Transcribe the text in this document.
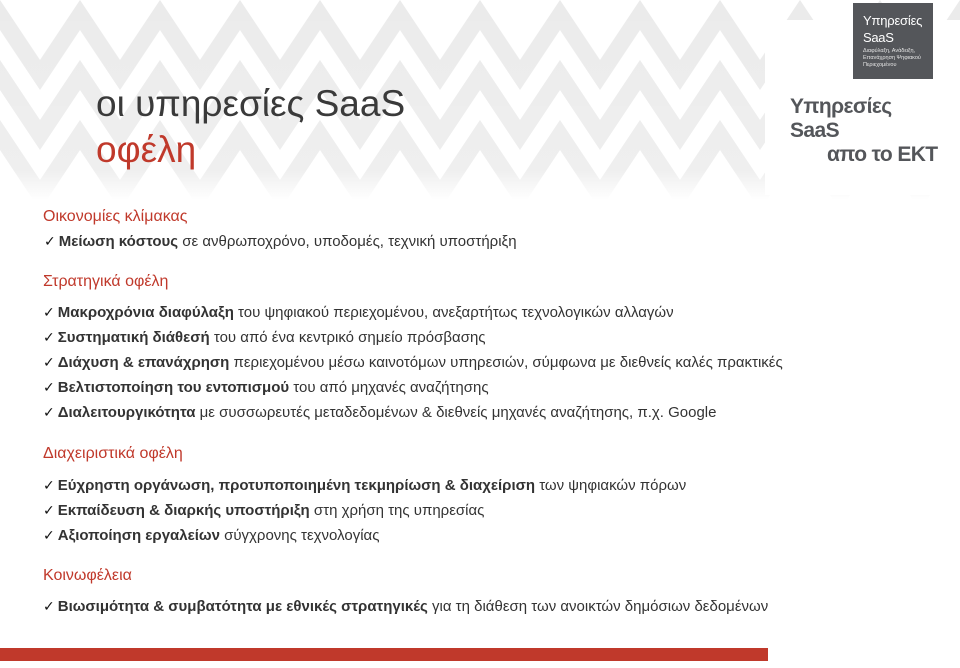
Υπηρεσίες
SaaS
Διαφύλαξη, Ανάδειξη, Επανάχρηση Ψηφιακού Περιεχομένου
Υπηρεσίες SaaS
απο το ΕΚΤ
οι υπηρεσίες SaaS
οφέλη
Οικονομίες κλίμακας
✓ Μείωση κόστους σε ανθρωποχρόνο, υποδομές, τεχνική υποστήριξη
Στρατηγικά οφέλη
✓ Μακροχρόνια διαφύλαξη του ψηφιακού περιεχομένου, ανεξαρτήτως τεχνολογικών αλλαγών
✓ Συστηματική διάθεσή του από ένα κεντρικό σημείο πρόσβασης
✓ Διάχυση & επανάχρηση περιεχομένου μέσω καινοτόμων υπηρεσιών, σύμφωνα με διεθνείς καλές πρακτικές
✓ Βελτιστοποίηση του εντοπισμού του από μηχανές αναζήτησης
✓ Διαλειτουργικότητα με συσσωρευτές μεταδεδομένων & διεθνείς μηχανές αναζήτησης, π.χ. Google
Διαχειριστικά οφέλη
✓ Εύχρηστη οργάνωση, προτυποποιημένη τεκμηρίωση & διαχείριση των ψηφιακών πόρων
✓ Εκπαίδευση & διαρκής υποστήριξη στη χρήση της υπηρεσίας
✓ Αξιοποίηση εργαλείων σύγχρονης τεχνολογίας
Κοινωφέλεια
✓ Βιωσιμότητα & συμβατότητα με εθνικές στρατηγικές για τη διάθεση των ανοικτών δημόσιων δεδομένων
